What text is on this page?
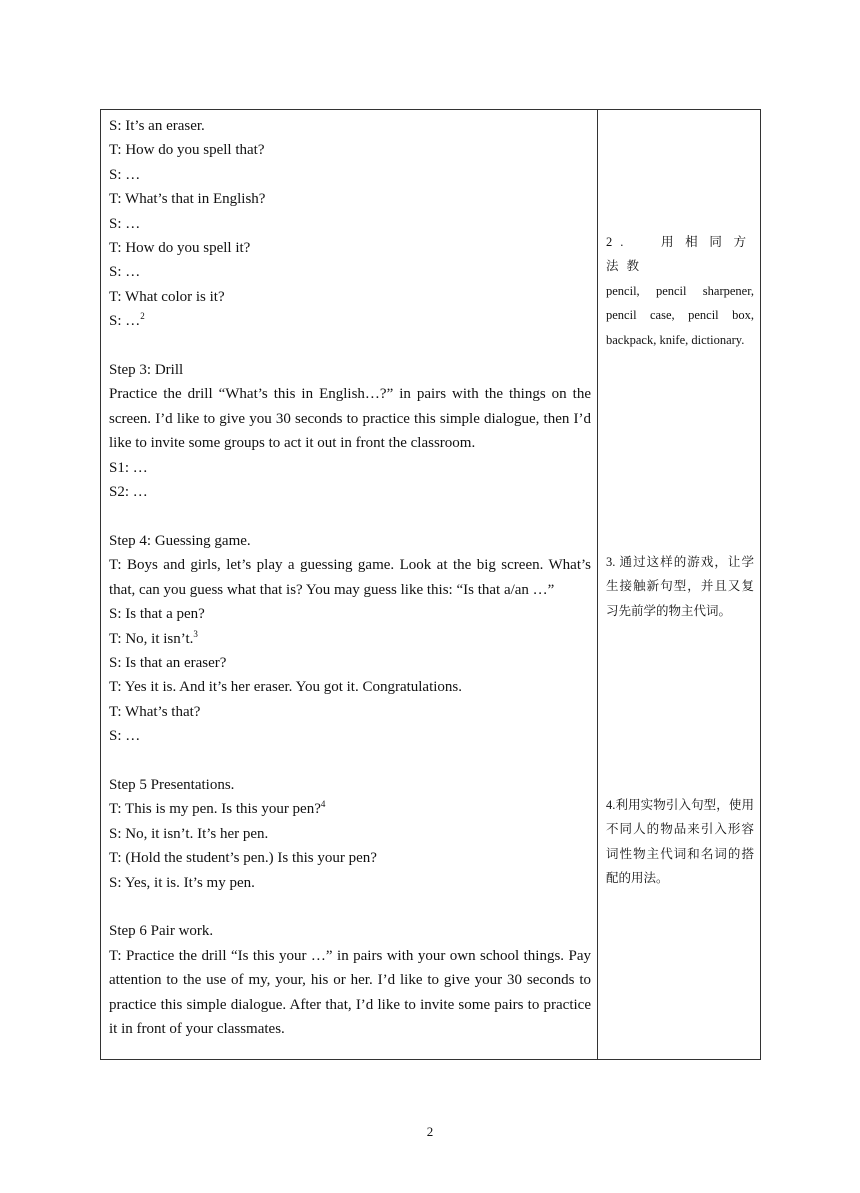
S: It’s an eraser.
T: How do you spell that?
S: …
T: What’s that in English?
S: …
T: How do you spell it?
S: …
T: What color is it?
S: …$^2$
Step 3: Drill
Practice the drill “What’s this in English…?” in pairs with the things on the screen. I’d like to give you 30 seconds to practice this simple dialogue, then I’d like to invite some groups to act it out in front the classroom.
S1: …
S2: …
Step 4: Guessing game.
T: Boys and girls, let’s play a guessing game. Look at the big screen. What’s that, can you guess what that is? You may guess like this: “Is that a/an …”
S: Is that a pen?
T: No, it isn’t.$^3$
S: Is that an eraser?
T: Yes it is. And it’s her eraser. You got it. Congratulations.
T: What’s that?
S: …
Step 5 Presentations.
T: This is my pen. Is this your pen?$^4$
S: No, it isn’t. It’s her pen.
T: (Hold the student’s pen.) Is this your pen?
S: Yes, it is. It’s my pen.
Step 6 Pair work.
T: Practice the drill “Is this your …” in pairs with your own school things. Pay attention to the use of my, your, his or her. I’d like to give your 30 seconds to practice this simple dialogue. After that, I’d like to invite some pairs to practice it in front of your classmates.
2.  用相同方法教
pencil, pencil sharpener, pencil case, pencil box, backpack, knife, dictionary.
3. 通过这样的游戏，让学生接触新句型，并且又复习先前学的物主代词。
4.利用实物引入句型，使用不同人的物品来引入形容词性物主代词和名词的搭配的用法。
2
